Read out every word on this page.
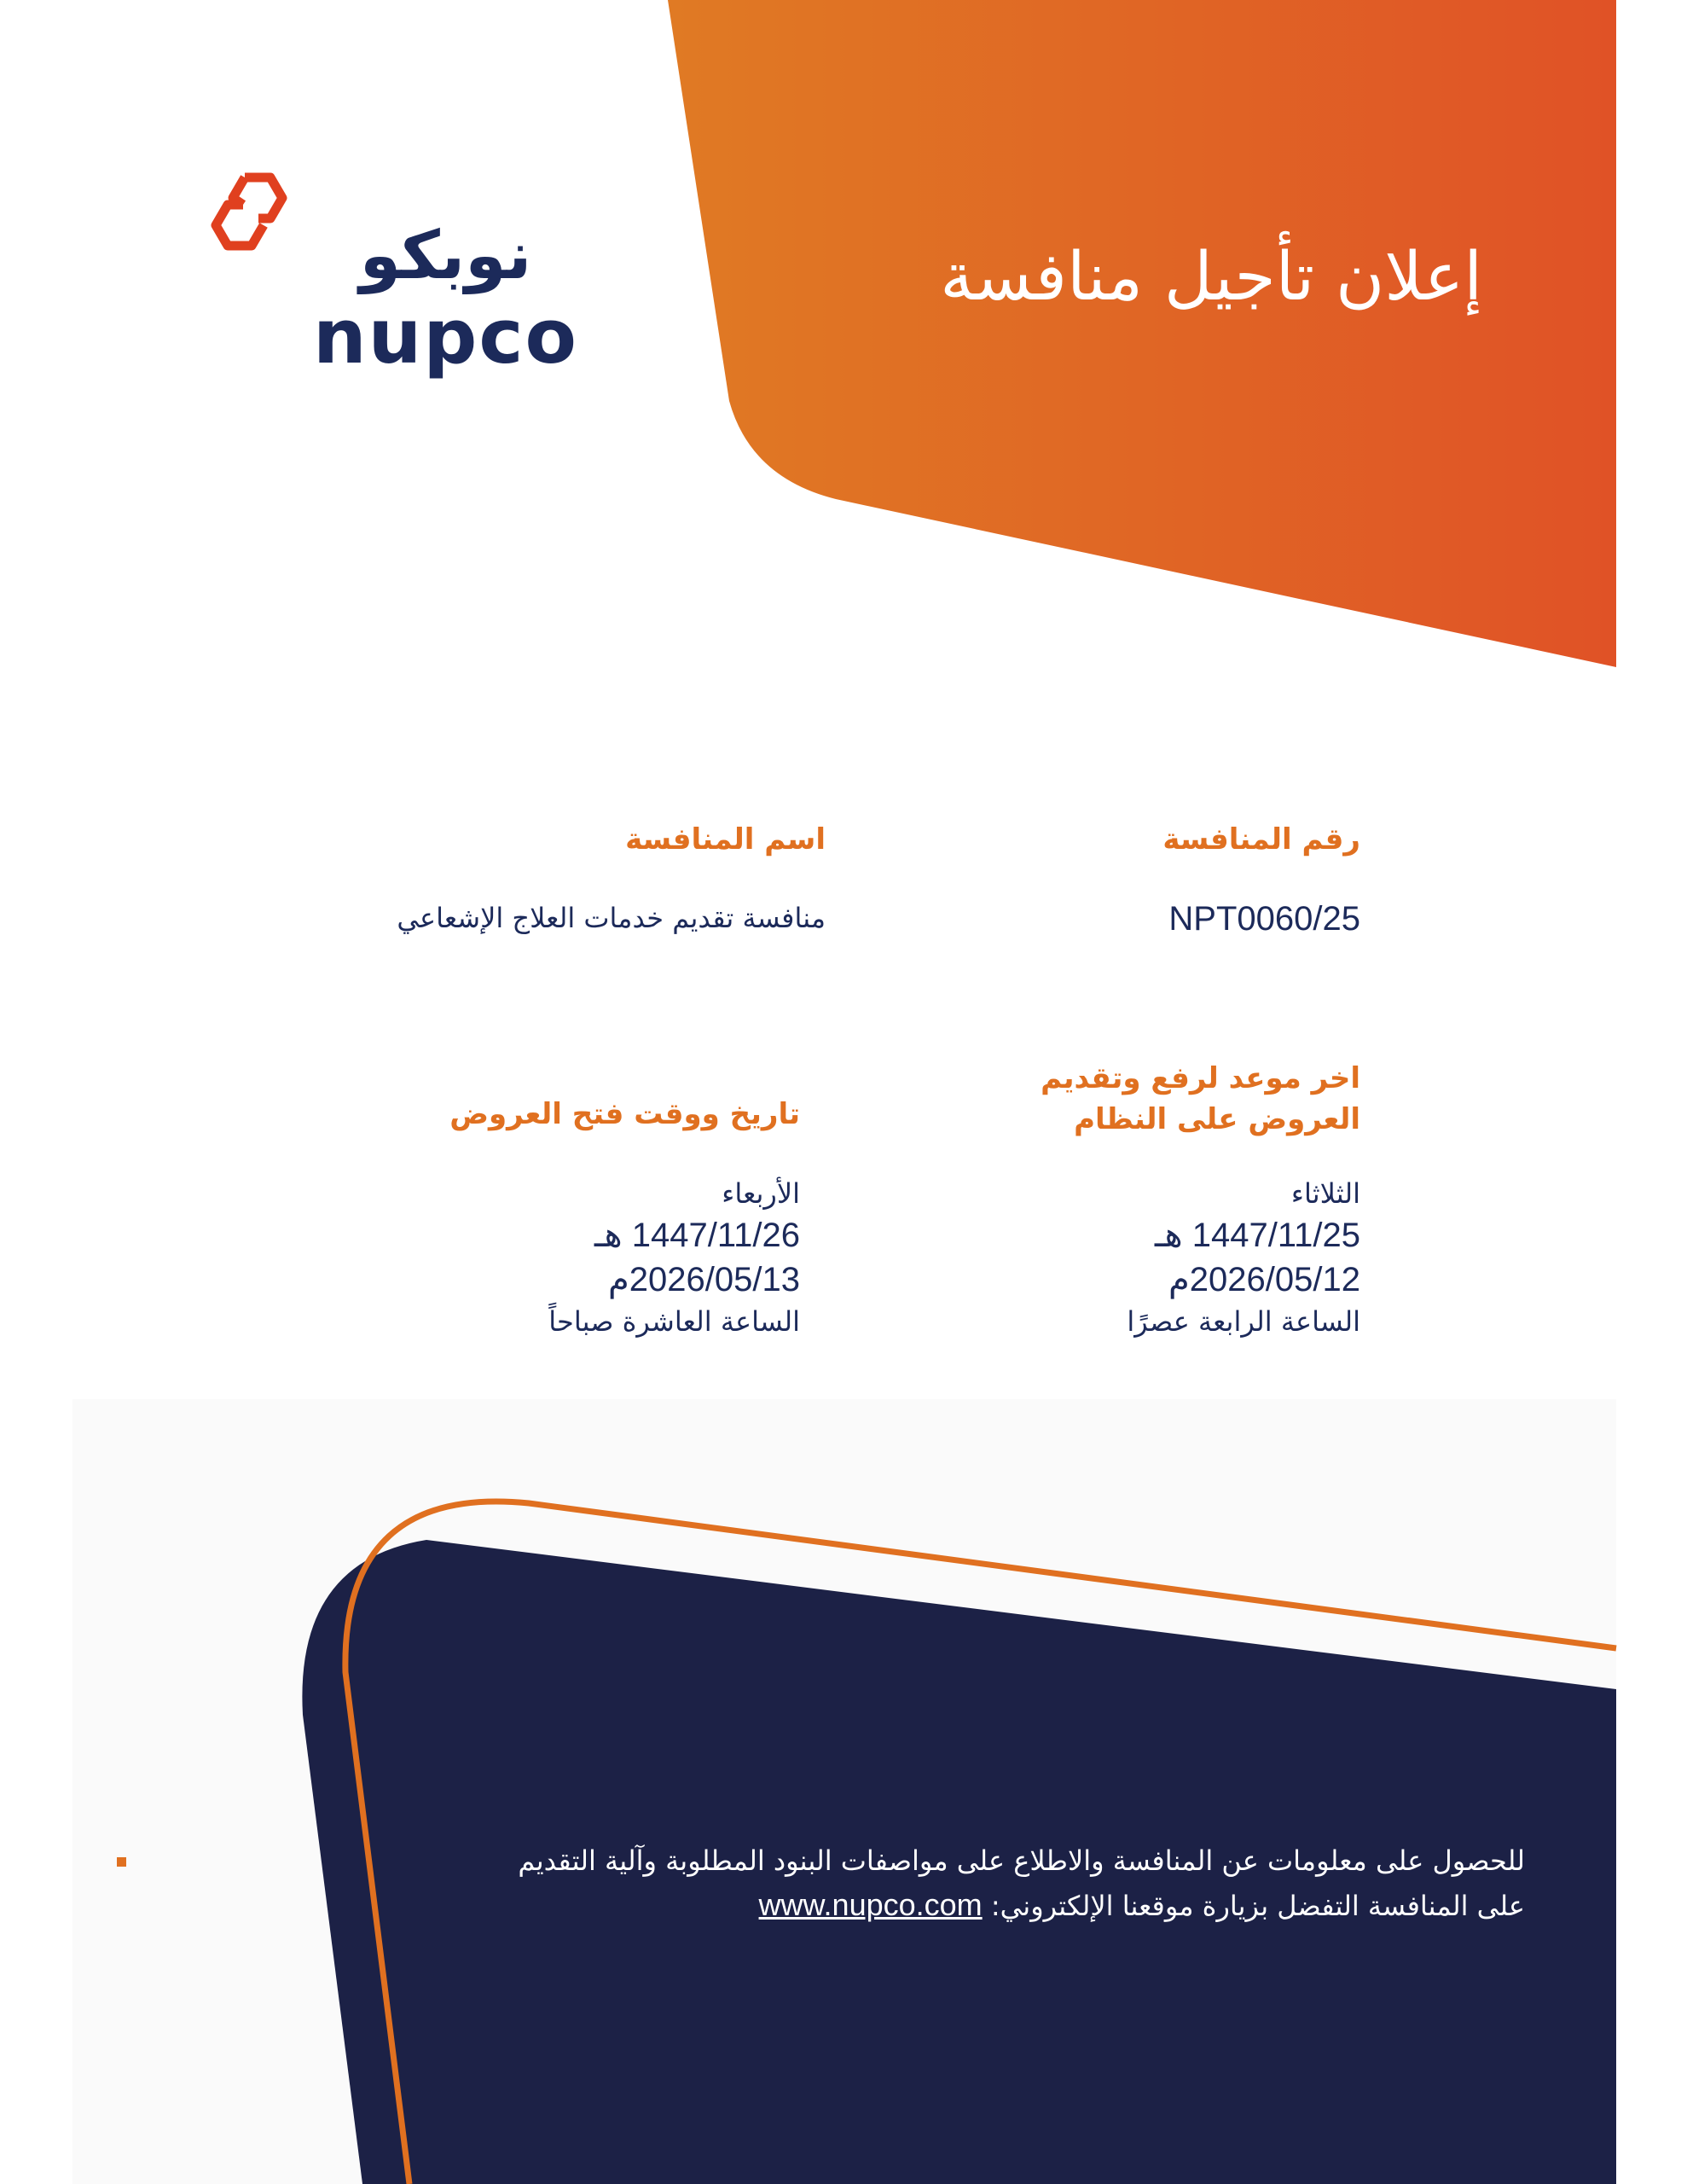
نوبكو
nupco
إعلان تأجيل منافسة
رقم المنافسة
NPT0060/25
اسم المنافسة
منافسة تقديم خدمات العلاج الإشعاعي
اخر موعد لرفع وتقديم
العروض على النظام
الثلاثاء
1447/11/25 هـ
2026/05/12م
الساعة الرابعة عصرًا
تاريخ ووقت فتح العروض
الأربعاء
1447/11/26 هـ
2026/05/13م
الساعة العاشرة صباحاً
للحصول على معلومات عن المنافسة والاطلاع على مواصفات البنود المطلوبة وآلية التقديم
على المنافسة التفضل بزيارة موقعنا الإلكتروني: www.nupco.com
